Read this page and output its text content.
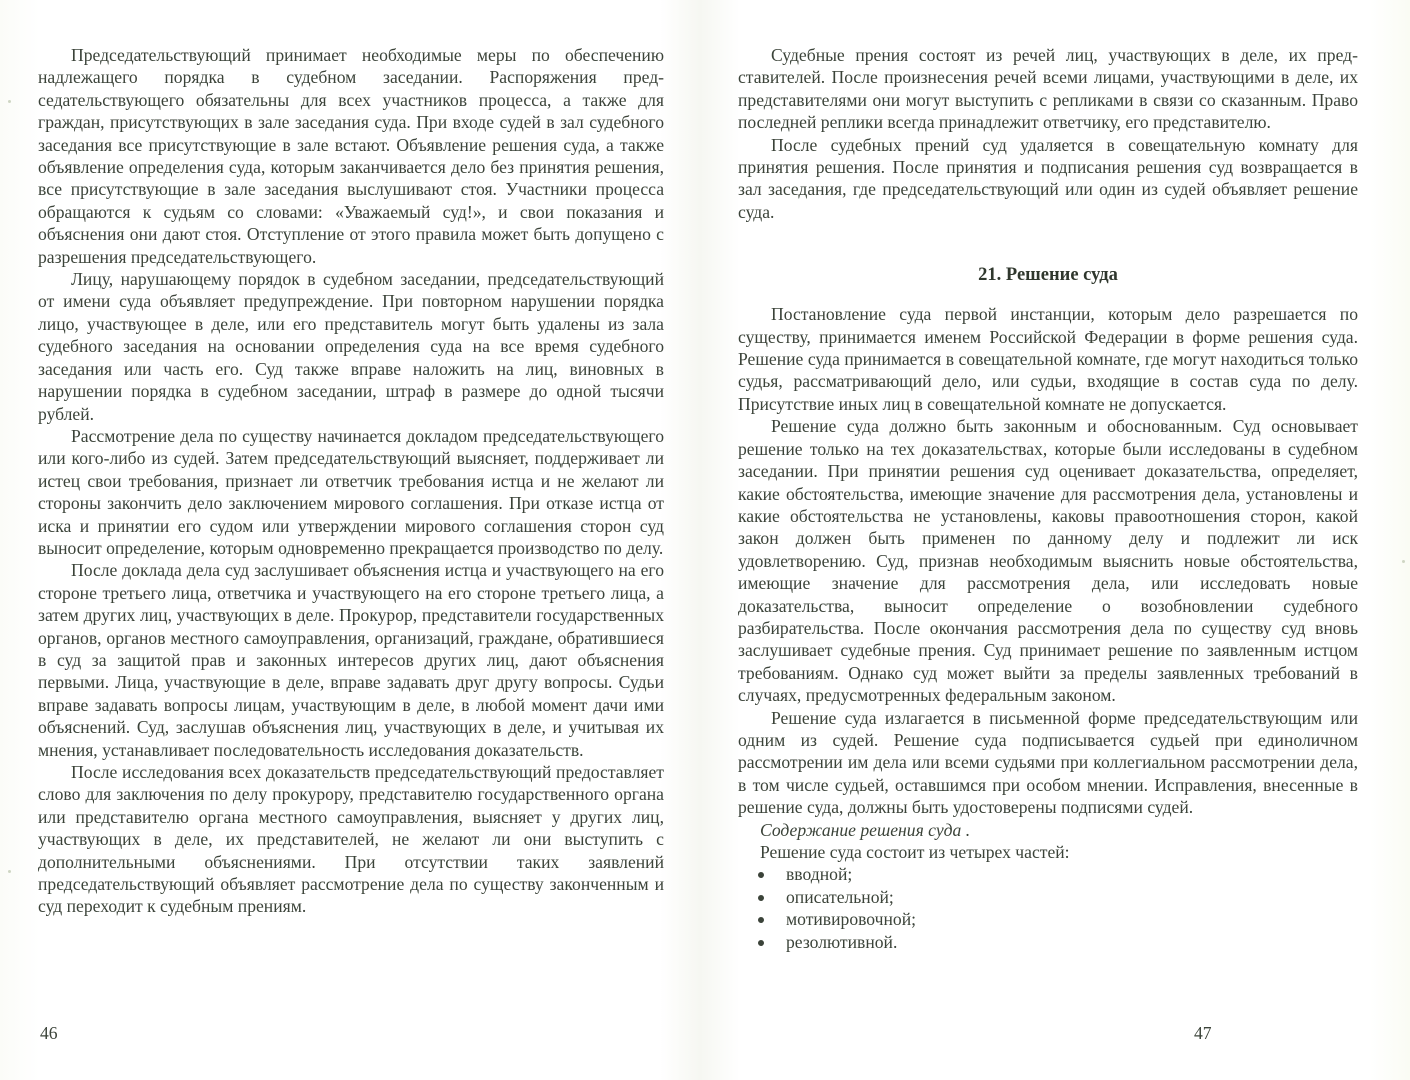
Председательствующий принимает необходимые меры по обеспечению надлежащего порядка в судебном заседании. Распоряжения председательствующего обязательны для всех участников процесса, а также для граждан, присутствующих в зале заседания суда. При входе судей в зал судебного заседания все присутствующие в зале встают. Объявление решения суда, а также объявление определения суда, которым заканчивается дело без принятия решения, все присутствующие в зале заседания выслушивают стоя. Участники процесса обращаются к судьям со словами: «Уважаемый суд!», и свои показания и объяснения они дают стоя. Отступление от этого правила может быть допущено с разрешения председательствующего.

Лицу, нарушающему порядок в судебном заседании, председательствующий от имени суда объявляет предупреждение. При повторном нарушении порядка лицо, участвующее в деле, или его представитель могут быть удалены из зала судебного заседания на основании определения суда на все время судебного заседания или часть его. Суд также вправе наложить на лиц, виновных в нарушении порядка в судебном заседании, штраф в размере до одной тысячи рублей.

Рассмотрение дела по существу начинается докладом председательствующего или кого-либо из судей. Затем председательствующий выясняет, поддерживает ли истец свои требования, признает ли ответчик требования истца и не желают ли стороны закончить дело заключением мирового соглашения. При отказе истца от иска и принятии его судом или утверждении мирового соглашения сторон суд выносит определение, которым одновременно прекращается производство по делу.

После доклада дела суд заслушивает объяснения истца и участвующего на его стороне третьего лица, ответчика и участвующего на его стороне третьего лица, а затем других лиц, участвующих в деле. Прокурор, представители государственных органов, органов местного самоуправления, организаций, граждане, обратившиеся в суд за защитой прав и законных интересов других лиц, дают объяснения первыми. Лица, участвующие в деле, вправе задавать друг другу вопросы. Судьи вправе задавать вопросы лицам, участвующим в деле, в любой момент дачи ими объяснений. Суд, заслушав объяснения лиц, участвующих в деле, и учитывая их мнения, устанавливает последовательность исследования доказательств.

После исследования всех доказательств председательствующий предоставляет слово для заключения по делу прокурору, представителю государственного органа или представителю органа местного самоуправления, выясняет у других лиц, участвующих в деле, их представителей, не желают ли они выступить с дополнительными объяснениями. При отсутствии таких заявлений председательствующий объявляет рассмотрение дела по существу законченным и суд переходит к судебным прениям.

Судебные прения состоят из речей лиц, участвующих в деле, их представителей. После произнесения речей всеми лицами, участвующими в деле, их представителями они могут выступить с репликами в связи со сказанным. Право последней реплики всегда принадлежит ответчику, его представителю.

После судебных прений суд удаляется в совещательную комнату для принятия решения. После принятия и подписания решения суд возвращается в зал заседания, где председательствующий или один из судей объявляет решение суда.

21. Решение суда

Постановление суда первой инстанции, которым дело разрешается по существу, принимается именем Российской Федерации в форме решения суда. Решение суда принимается в совещательной комнате, где могут находиться только судья, рассматривающий дело, или судьи, входящие в состав суда по делу. Присутствие иных лиц в совещательной комнате не допускается.

Решение суда должно быть законным и обоснованным. Суд основывает решение только на тех доказательствах, которые были исследованы в судебном заседании. При принятии решения суд оценивает доказательства, определяет, какие обстоятельства, имеющие значение для рассмотрения дела, установлены и какие обстоятельства не установлены, каковы правоотношения сторон, какой закон должен быть применен по данному делу и подлежит ли иск удовлетворению. Суд, признав необходимым выяснить новые обстоятельства, имеющие значение для рассмотрения дела, или исследовать новые доказательства, выносит определение о возобновлении судебного разбирательства. После окончания рассмотрения дела по существу суд вновь заслушивает судебные прения. Суд принимает решение по заявленным истцом требованиям. Однако суд может выйти за пределы заявленных требований в случаях, предусмотренных федеральным законом.

Решение суда излагается в письменной форме председательствующим или одним из судей. Решение суда подписывается судьей при единоличном рассмотрении им дела или всеми судьями при коллегиальном рассмотрении дела, в том числе судьей, оставшимся при особом мнении. Исправления, внесенные в решение суда, должны быть удостоверены подписями судей.

Содержание решения суда .

Решение суда состоит из четырех частей:

вводной;
описательной;
мотивировочной;
резолютивной.
46	47
